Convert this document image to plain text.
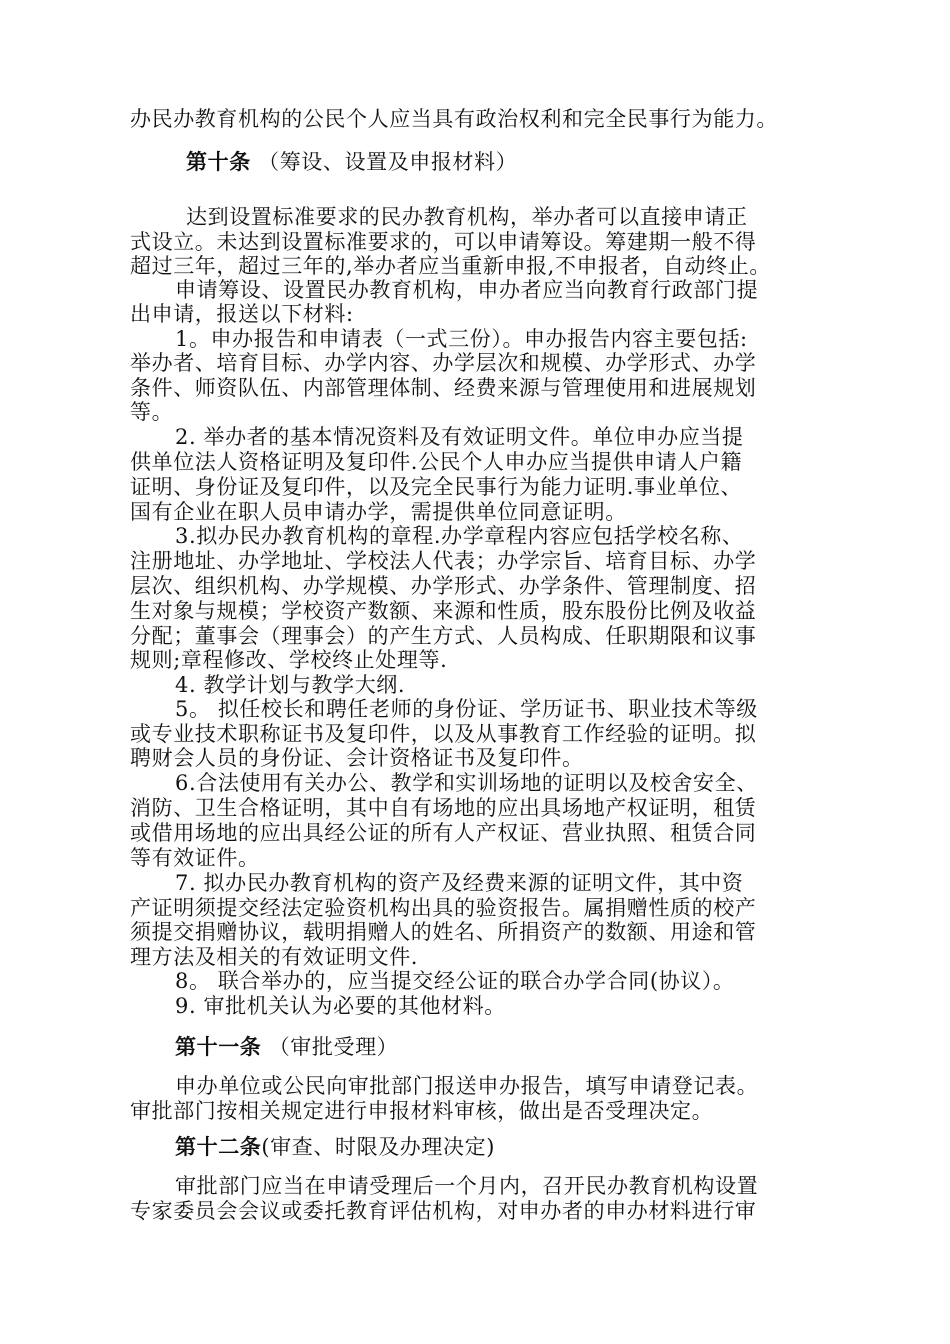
办民办教育机构的公民个人应当具有政治权利和完全民事行为能力。
第十条 （筹设、设置及申报材料）
达到设置标准要求的民办教育机构，举办者可以直接申请正
式设立。未达到设置标准要求的，可以申请筹设。筹建期一般不得
超过三年，超过三年的,举办者应当重新申报,不申报者，自动终止。
申请筹设、设置民办教育机构，申办者应当向教育行政部门提
出申请，报送以下材料:
1。申办报告和申请表（一式三份）。申办报告内容主要包括:
举办者、培育目标、办学内容、办学层次和规模、办学形式、办学
条件、师资队伍、内部管理体制、经费来源与管理使用和进展规划
等。
2. 举办者的基本情况资料及有效证明文件。单位申办应当提
供单位法人资格证明及复印件.公民个人申办应当提供申请人户籍
证明、身份证及复印件，以及完全民事行为能力证明.事业单位、
国有企业在职人员申请办学，需提供单位同意证明。
3.拟办民办教育机构的章程.办学章程内容应包括学校名称、
注册地址、办学地址、学校法人代表；办学宗旨、培育目标、办学
层次、组织机构、办学规模、办学形式、办学条件、管理制度、招
生对象与规模；学校资产数额、来源和性质，股东股份比例及收益
分配；董事会（理事会）的产生方式、人员构成、任职期限和议事
规则;章程修改、学校终止处理等.
4. 教学计划与教学大纲.
5。 拟任校长和聘任老师的身份证、学历证书、职业技术等级
或专业技术职称证书及复印件，以及从事教育工作经验的证明。拟
聘财会人员的身份证、会计资格证书及复印件。
6.合法使用有关办公、教学和实训场地的证明以及校舍安全、
消防、卫生合格证明，其中自有场地的应出具场地产权证明，租赁
或借用场地的应出具经公证的所有人产权证、营业执照、租赁合同
等有效证件。
7. 拟办民办教育机构的资产及经费来源的证明文件，其中资
产证明须提交经法定验资机构出具的验资报告。属捐赠性质的校产
须提交捐赠协议，载明捐赠人的姓名、所捐资产的数额、用途和管
理方法及相关的有效证明文件.
8。 联合举办的，应当提交经公证的联合办学合同(协议）。
9. 审批机关认为必要的其他材料。
第十一条 （审批受理）
申办单位或公民向审批部门报送申办报告，填写申请登记表。
审批部门按相关规定进行申报材料审核，做出是否受理决定。
第十二条(审查、时限及办理决定)
审批部门应当在申请受理后一个月内，召开民办教育机构设置
专家委员会会议或委托教育评估机构，对申办者的申办材料进行审
